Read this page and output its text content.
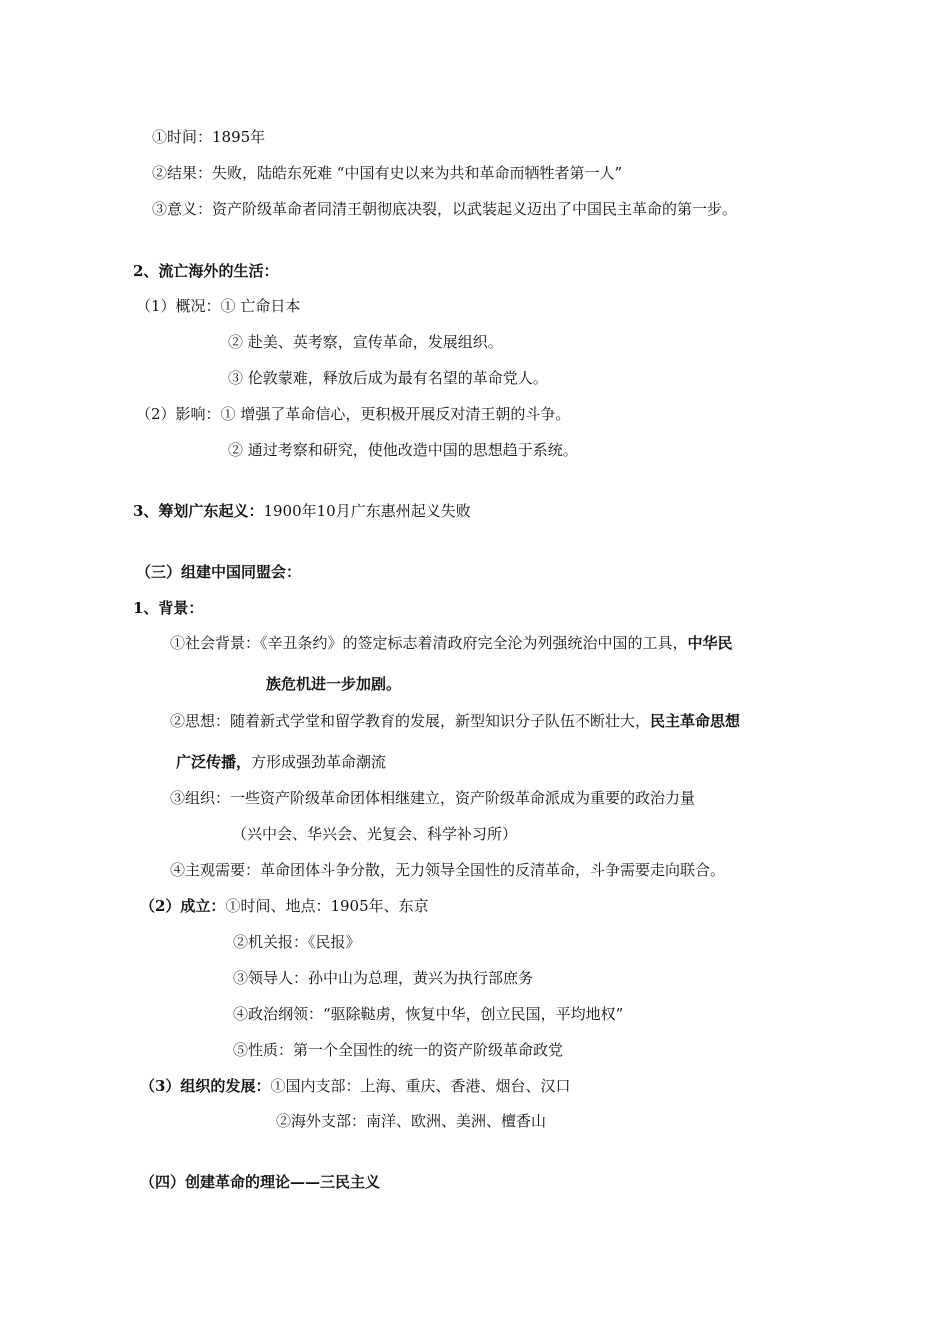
①时间：1895年
②结果：失败，陆皓东死难 “中国有史以来为共和革命而牺牲者第一人”
③意义：资产阶级革命者同清王朝彻底决裂，以武装起义迈出了中国民主革命的第一步。
2、流亡海外的生活：
（1）概况：① 亡命日本
② 赴美、英考察，宣传革命，发展组织。
③ 伦敦蒙难，释放后成为最有名望的革命党人。
（2）影响：① 增强了革命信心，更积极开展反对清王朝的斗争。
② 通过考察和研究，使他改造中国的思想趋于系统。
3、筹划广东起义：1900年10月广东惠州起义失败
（三）组建中国同盟会：
1、背景：
①社会背景：《辛丑条约》的签定标志着清政府完全沦为列强统治中国的工具，中华民
族危机进一步加剧。
②思想：随着新式学堂和留学教育的发展，新型知识分子队伍不断壮大，民主革命思想
广泛传播，方形成强劲革命潮流
③组织：一些资产阶级革命团体相继建立，资产阶级革命派成为重要的政治力量
（兴中会、华兴会、光复会、科学补习所）
④主观需要：革命团体斗争分散，无力领导全国性的反清革命，斗争需要走向联合。
（2）成立：①时间、地点：1905年、东京
②机关报：《民报》
③领导人：孙中山为总理，黄兴为执行部庶务
④政治纲领：“驱除鞑虏，恢复中华，创立民国，平均地权”
⑤性质：第一个全国性的统一的资产阶级革命政党
（3）组织的发展：①国内支部：上海、重庆、香港、烟台、汉口
②海外支部：南洋、欧洲、美洲、檀香山
（四）创建革命的理论——三民主义
